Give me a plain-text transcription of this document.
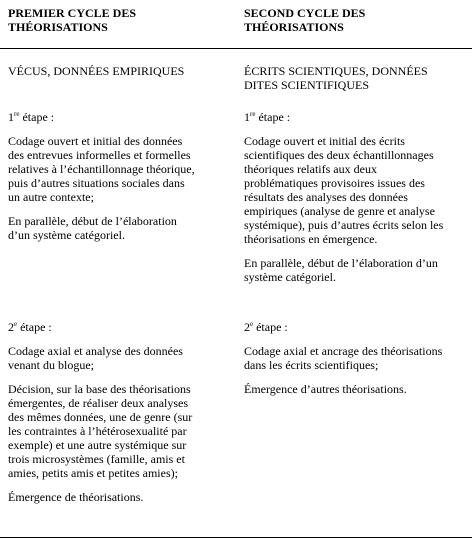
PREMIER CYCLE DES
THÉORISATIONS
VÉCUS, DONNÉES EMPIRIQUES

1re étape :

Codage ouvert et initial des données
des entrevues informelles et formelles
relatives à l’échantillonnage théorique,
puis d’autres situations sociales dans
un autre contexte;

En parallèle, début de l’élaboration
d’un système catégoriel.

2e étape :

Codage axial et analyse des données
venant du blogue;

Décision, sur la base des théorisations
émergentes, de réaliser deux analyses
des mêmes données, une de genre (sur
les contraintes à l’hétérosexualité par
exemple) et une autre systémique sur
trois microsystèmes (famille, amis et
amies, petits amis et petites amies);

Émergence de théorisations.

SECOND CYCLE DES
THÉORISATIONS
ÉCRITS SCIENTIQUES, DONNÉES
DITES SCIENTIFIQUES

1re étape :

Codage ouvert et initial des écrits
scientifiques des deux échantillonnages
théoriques relatifs aux deux
problématiques provisoires issues des
résultats des analyses des données
empiriques (analyse de genre et analyse
systémique), puis d’autres écrits selon les
théorisations en émergence.

En parallèle, début de l’élaboration d’un
système catégoriel.

2e étape :

Codage axial et ancrage des théorisations
dans les écrits scientifiques;

Émergence d’autres théorisations.
